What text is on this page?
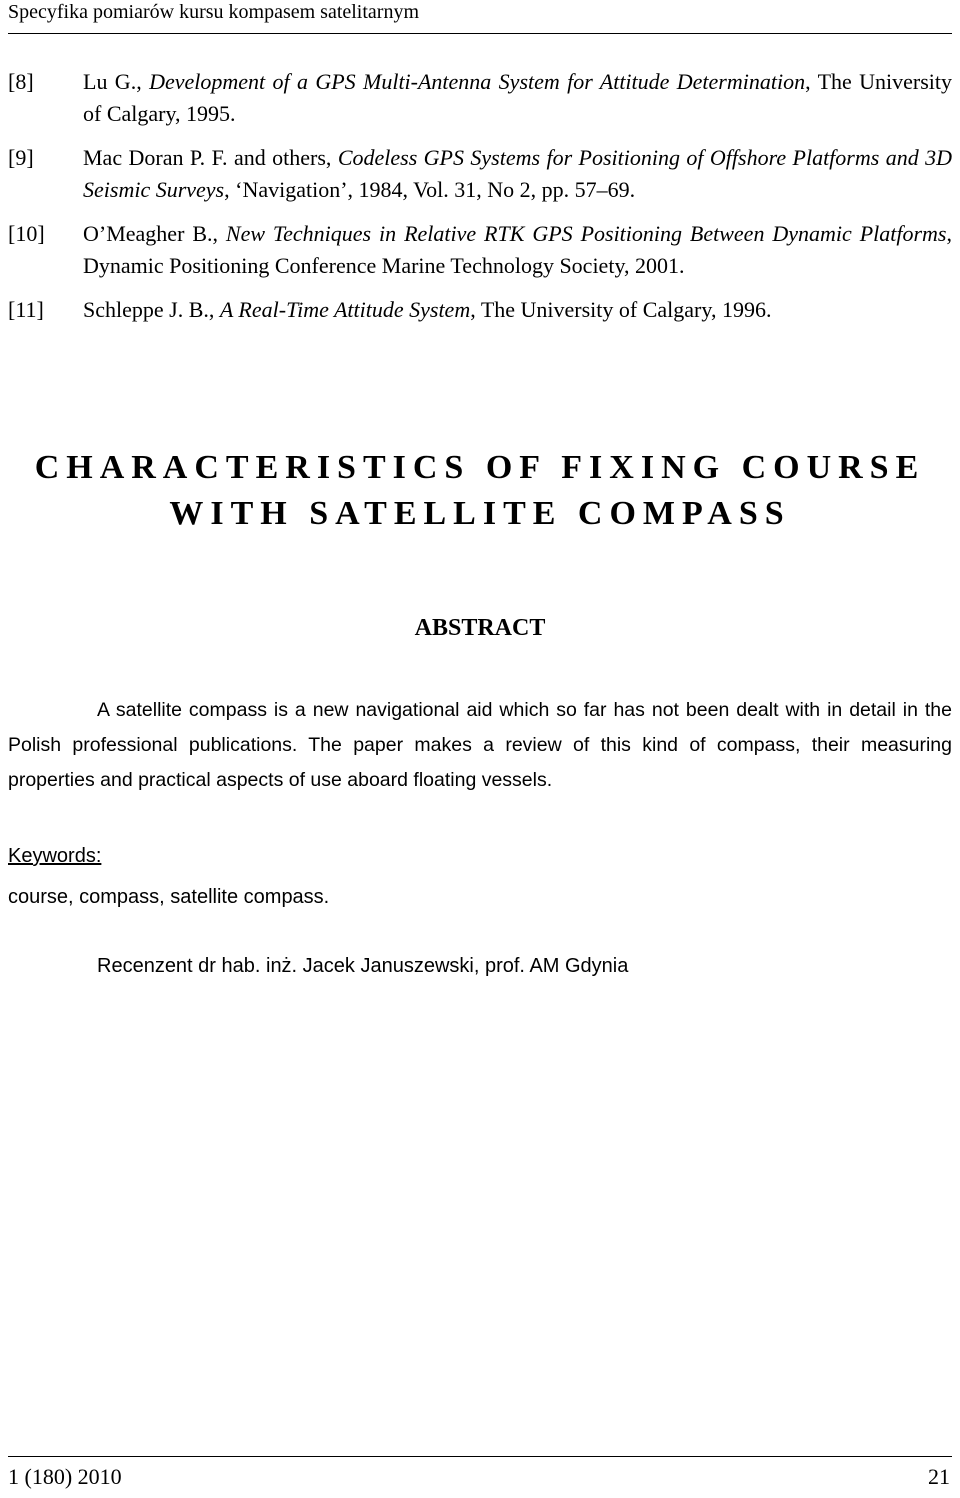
Specyfika pomiarów kursu kompasem satelitarnym
[8] Lu G., Development of a GPS Multi-Antenna System for Attitude Determination, The University of Calgary, 1995.
[9] Mac Doran P. F. and others, Codeless GPS Systems for Positioning of Offshore Platforms and 3D Seismic Surveys, ‘Navigation’, 1984, Vol. 31, No 2, pp. 57–69.
[10] O’Meagher B., New Techniques in Relative RTK GPS Positioning Between Dynamic Platforms, Dynamic Positioning Conference Marine Technology Society, 2001.
[11] Schleppe J. B., A Real-Time Attitude System, The University of Calgary, 1996.
CHARACTERISTICS OF FIXING COURSE
WITH SATELLITE COMPASS
ABSTRACT
A satellite compass is a new navigational aid which so far has not been dealt with in detail in the Polish professional publications. The paper makes a review of this kind of compass, their measuring properties and practical aspects of use aboard floating vessels.
Keywords:
course, compass, satellite compass.
Recenzent dr hab. inż. Jacek Januszewski, prof. AM Gdynia
1 (180) 2010	21
